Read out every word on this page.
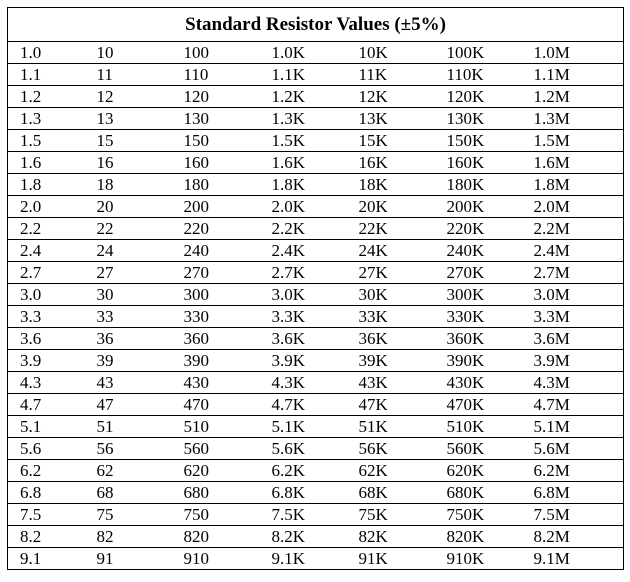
Standard Resistor Values (±5%)						
1.0	10	100	1.0K	10K	100K	1.0M
1.1	11	110	1.1K	11K	110K	1.1M
1.2	12	120	1.2K	12K	120K	1.2M
1.3	13	130	1.3K	13K	130K	1.3M
1.5	15	150	1.5K	15K	150K	1.5M
1.6	16	160	1.6K	16K	160K	1.6M
1.8	18	180	1.8K	18K	180K	1.8M
2.0	20	200	2.0K	20K	200K	2.0M
2.2	22	220	2.2K	22K	220K	2.2M
2.4	24	240	2.4K	24K	240K	2.4M
2.7	27	270	2.7K	27K	270K	2.7M
3.0	30	300	3.0K	30K	300K	3.0M
3.3	33	330	3.3K	33K	330K	3.3M
3.6	36	360	3.6K	36K	360K	3.6M
3.9	39	390	3.9K	39K	390K	3.9M
4.3	43	430	4.3K	43K	430K	4.3M
4.7	47	470	4.7K	47K	470K	4.7M
5.1	51	510	5.1K	51K	510K	5.1M
5.6	56	560	5.6K	56K	560K	5.6M
6.2	62	620	6.2K	62K	620K	6.2M
6.8	68	680	6.8K	68K	680K	6.8M
7.5	75	750	7.5K	75K	750K	7.5M
8.2	82	820	8.2K	82K	820K	8.2M
9.1	91	910	9.1K	91K	910K	9.1M
